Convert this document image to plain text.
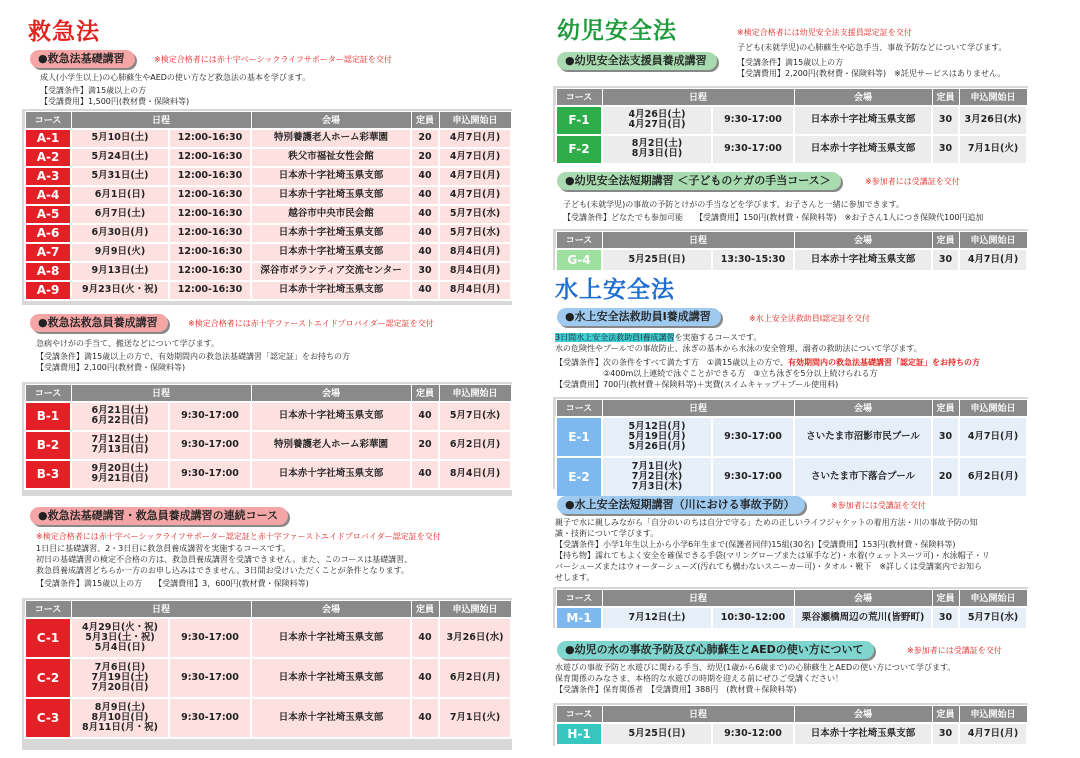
救急法
●救急法基礎講習	※検定合格者には赤十字ベーシックライフサポーター認定証を交付
成人(小学生以上)の心肺蘇生やAEDの使い方など救急法の基本を学びます。
【受講条件】満15歳以上の方
【受講費用】1,500円(教材費・保険料等)
コース	日程		会場	定員	申込開始日
A-1	5月10日(土)	12:00-16:30	特別養護老人ホーム彩華園	20	4月7日(月)
A-2	5月24日(土)	12:00-16:30	秩父市福祉女性会館	20	4月7日(月)
A-3	5月31日(土)	12:00-16:30	日本赤十字社埼玉県支部	40	4月7日(月)
A-4	6月1日(日)	12:00-16:30	日本赤十字社埼玉県支部	40	4月7日(月)
A-5	6月7日(土)	12:00-16:30	越谷市中央市民会館	40	5月7日(水)
A-6	6月30日(月)	12:00-16:30	日本赤十字社埼玉県支部	40	5月7日(水)
A-7	9月9日(火)	12:00-16:30	日本赤十字社埼玉県支部	40	8月4日(月)
A-8	9月13日(土)	12:00-16:30	深谷市ボランティア交流センター	30	8月4日(月)
A-9	9月23日(火・祝)	12:00-16:30	日本赤十字社埼玉県支部	40	8月4日(月)
●救急法救急員養成講習	※検定合格者には赤十字ファーストエイドプロバイダー認定証を交付
急病やけがの手当て、搬送などについて学びます。
【受講条件】満15歳以上の方で、有効期間内の救急法基礎講習「認定証」をお持ちの方
【受講費用】2,100円(教材費・保険料等)
コース	日程		会場	定員	申込開始日
B-1	6月21日(土)
6月22日(日)	9:30-17:00	日本赤十字社埼玉県支部	40	5月7日(水)
B-2	7月12日(土)
7月13日(日)	9:30-17:00	特別養護老人ホーム彩華園	20	6月2日(月)
B-3	9月20日(土)
9月21日(日)	9:30-17:00	日本赤十字社埼玉県支部	40	8月4日(月)
●救急法基礎講習・救急員養成講習の連続コース
※検定合格者には赤十字ベーシックライフサポーター認定証と赤十字ファーストエイドプロバイダー認定証を交付
1日目に基礎講習、2・3日目に救急員養成講習を実施するコースです。
初日の基礎講習の検定不合格の方は、救急員養成講習を受講できません。また、このコースは基礎講習、
救急員養成講習どちらか一方のお申し込みはできません。3日間お受けいただくことが条件となります。
【受講条件】満15歳以上の方　　【受講費用】3，600円(教材費・保険料等)
コース	日程		会場	定員	申込開始日
C-1	4月29日(火・祝)
5月3日(土・祝)
5月4日(日)	9:30-17:00	日本赤十字社埼玉県支部	40	3月26日(水)
C-2	7月6日(日)
7月19日(土)
7月20日(日)	9:30-17:00	日本赤十字社埼玉県支部	40	6月2日(月)
C-3	8月9日(土)
8月10日(日)
8月11日(月・祝)	9:30-17:00	日本赤十字社埼玉県支部	40	7月1日(火)
幼児安全法	※検定合格者には幼児安全法支援員認定証を交付
子ども(未就学児)の心肺蘇生や応急手当、事故予防などについて学びます。
●幼児安全法支援員養成講習	【受講条件】満15歳以上の方
【受講費用】2,200円(教材費・保険料等)　※託児サービスはありません。
コース	日程		会場	定員	申込開始日
F-1	4月26日(土)
4月27日(日)	9:30-17:00	日本赤十字社埼玉県支部	30	3月26日(水)
F-2	8月2日(土)
8月3日(日)	9:30-17:00	日本赤十字社埼玉県支部	30	7月1日(火)
●幼児安全法短期講習 ＜子どものケガの手当コース＞	※参加者には受講証を交付
子ども(未就学児)の事故の予防とけがの手当などを学びます。お子さんと一緒に参加できます。
【受講条件】どなたでも参加可能　　【受講費用】150円(教材費・保険料等)　※お子さん1人につき保険代100円追加
コース	日程		会場	定員	申込開始日
G-4	5月25日(日)	13:30-15:30	日本赤十字社埼玉県支部	30	4月7日(月)
水上安全法
●水上安全法救助員Ⅰ養成講習	※水上安全法救助員Ⅰ認定証を交付
3日間水上安全法救助員Ⅰ養成講習を実施するコースです。
水の危険性やプールでの事故防止、泳ぎの基本から水泳の安全管理、溺者の救助法について学びます。
【受講条件】次の条件をすべて満たす方　①満15歳以上の方で、有効期間内の救急法基礎講習「認定証」をお持ちの方
　　　　　　②400m以上連続で泳ぐことができる方　③立ち泳ぎを5分以上続けられる方
【受講費用】700円(教材費＋保険料等)＋実費(スイムキャップ＋プール使用料)
コース	日程		会場	定員	申込開始日
E-1	5月12日(月)
5月19日(月)
5月26日(月)	9:30-17:00	さいたま市沼影市民プール	30	4月7日(月)
E-2	7月1日(火)
7月2日(水)
7月3日(木)	9:30-17:00	さいたま市下落合プール	20	6月2日(月)
●水上安全法短期講習（川における事故予防）	※参加者には受講証を交付
親子で水に親しみながら「自分のいのちは自分で守る」ための正しいライフジャケットの着用方法・川の事故予防の知
識・技術について学びます。
【受講条件】小学1年生以上から小学6年生まで(保護者同伴)15組(30名)【受講費用】153円(教材費・保険料等)
【持ち物】濡れてもよく安全を確保できる手袋(マリングローブまたは軍手など)・水着(ウェットスーツ可)・水泳帽子・リ
バーシューズまたはウォーターシューズ(汚れても構わないスニーカー可)・タオル・靴下　※詳しくは受講案内でお知ら
せします。
コース	日程		会場	定員	申込開始日
M-1	7月12日(土)	10:30-12:00	栗谷瀬橋周辺の荒川(皆野町)	30	5月7日(水)
●幼児の水の事故予防及び心肺蘇生とAEDの使い方について	※参加者には受講証を交付
水遊びの事故予防と水遊びに関わる手当、幼児(1歳から6歳まで)の心肺蘇生とAEDの使い方について学びます。
保育関係のみなさま、本格的な水遊びの時期を迎える前にぜひご受講ください！
【受講条件】保育関係者　【受講費用】388円　(教材費＋保険料等)
コース	日程		会場	定員	申込開始日
H-1	5月25日(日)	9:30-12:00	日本赤十字社埼玉県支部	30	4月7日(月)
